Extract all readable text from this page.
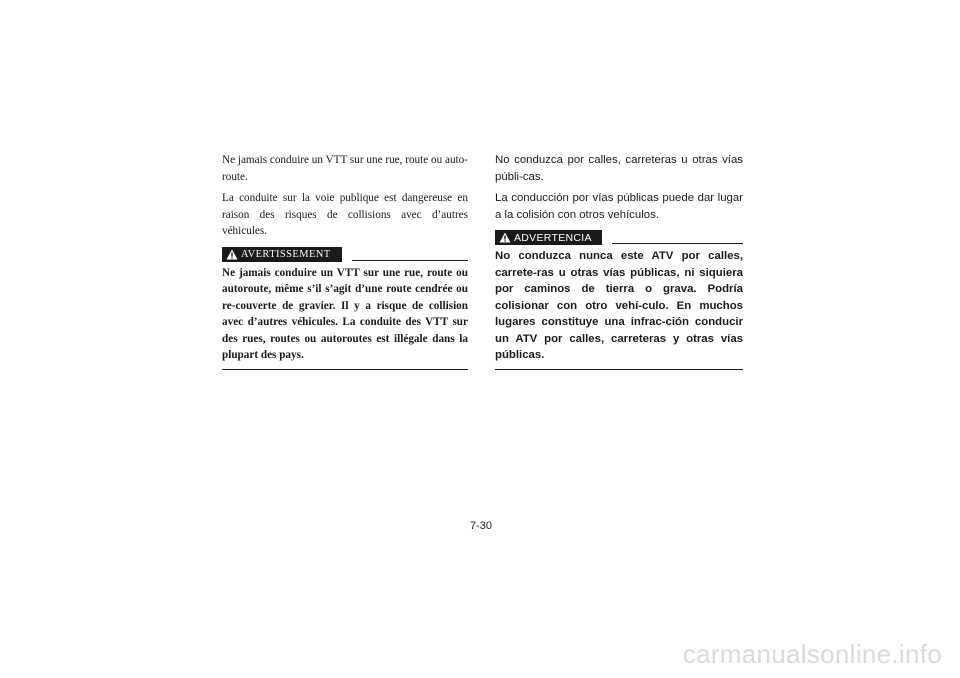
Ne jamais conduire un VTT sur une rue, route ou auto-route.

La conduite sur la voie publique est dangereuse en raison des risques de collisions avec d’autres véhicules.

AVERTISSEMENT

Ne jamais conduire un VTT sur une rue, route ou autoroute, même s’il s’agit d’une route cendrée ou re-couverte de gravier. Il y a risque de collision avec d’autres véhicules. La conduite des VTT sur des rues, routes ou autoroutes est illégale dans la plupart des pays.

No conduzca por calles, carreteras u otras vías públi-cas.

La conducción por vías públicas puede dar lugar a la colisión con otros vehículos.

ADVERTENCIA

No conduzca nunca este ATV por calles, carrete-ras u otras vías públicas, ni siquiera por caminos de tierra o grava. Podría colisionar con otro vehí-culo. En muchos lugares constituye una infrac-ción conducir un ATV por calles, carreteras y otras vías públicas.

7-30
carmanualsonline.info
